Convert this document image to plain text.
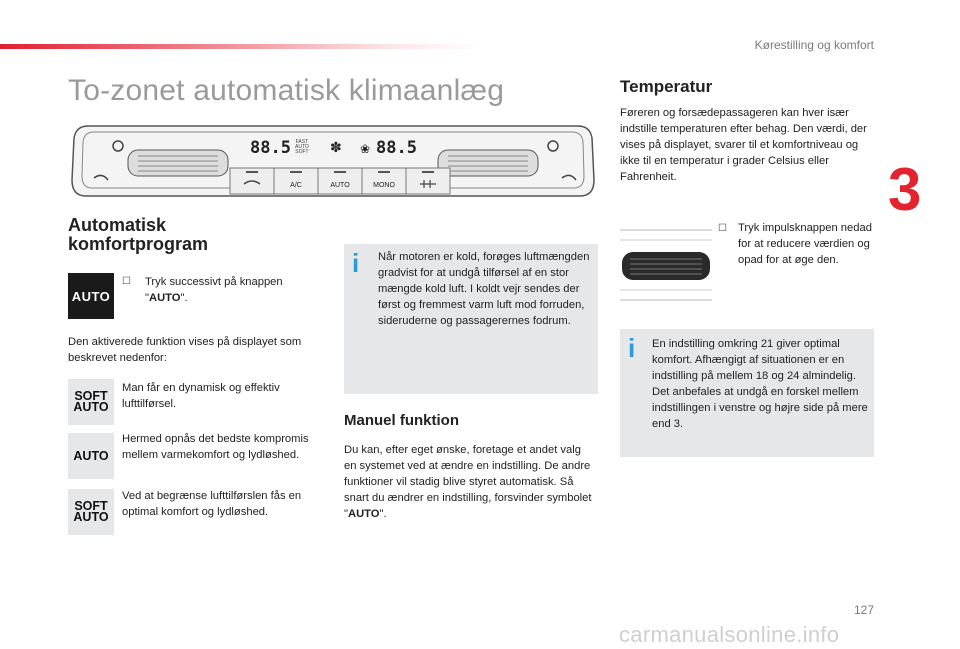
Kørestilling og komfort
3
To-zonet automatisk klimaanlæg
88.5 FAST
AUTO
SOFT ✽ ❀ 88.5
A/C	AUTO	MONO
Automatisk
komfortprogram
AUTO
☐ Tryk successivt på knappen "AUTO".
Den aktiverede funktion vises på displayet som beskrevet nedenfor:
SOFT
AUTO
Man får en dynamisk og effektiv lufttilførsel.
AUTO
Hermed opnås det bedste kompromis mellem varmekomfort og lydløshed.
SOFT
AUTO
Ved at begrænse lufttilførslen fås en optimal komfort og lydløshed.
i Når motoren er kold, forøges luftmængden gradvist for at undgå tilførsel af en stor mængde kold luft. I koldt vejr sendes der først og fremmest varm luft mod forruden, sideruderne og passagerernes fodrum.
Manuel funktion
Du kan, efter eget ønske, foretage et andet valg en systemet ved at ændre en indstilling. De andre funktioner vil stadig blive styret automatisk. Så snart du ændrer en indstilling, forsvinder symbolet "AUTO".
Temperatur
Føreren og forsædepassageren kan hver især indstille temperaturen efter behag. Den værdi, der vises på displayet, svarer til et komfortniveau og ikke til en temperatur i grader Celsius eller Fahrenheit.
☐ Tryk impulsknappen nedad for at reducere værdien og opad for at øge den.
i En indstilling omkring 21 giver optimal komfort. Afhængigt af situationen er en indstilling på mellem 18 og 24 almindelig. Det anbefales at undgå en forskel mellem indstillingen i venstre og højre side på mere end 3.
127
carmanualsonline.info
